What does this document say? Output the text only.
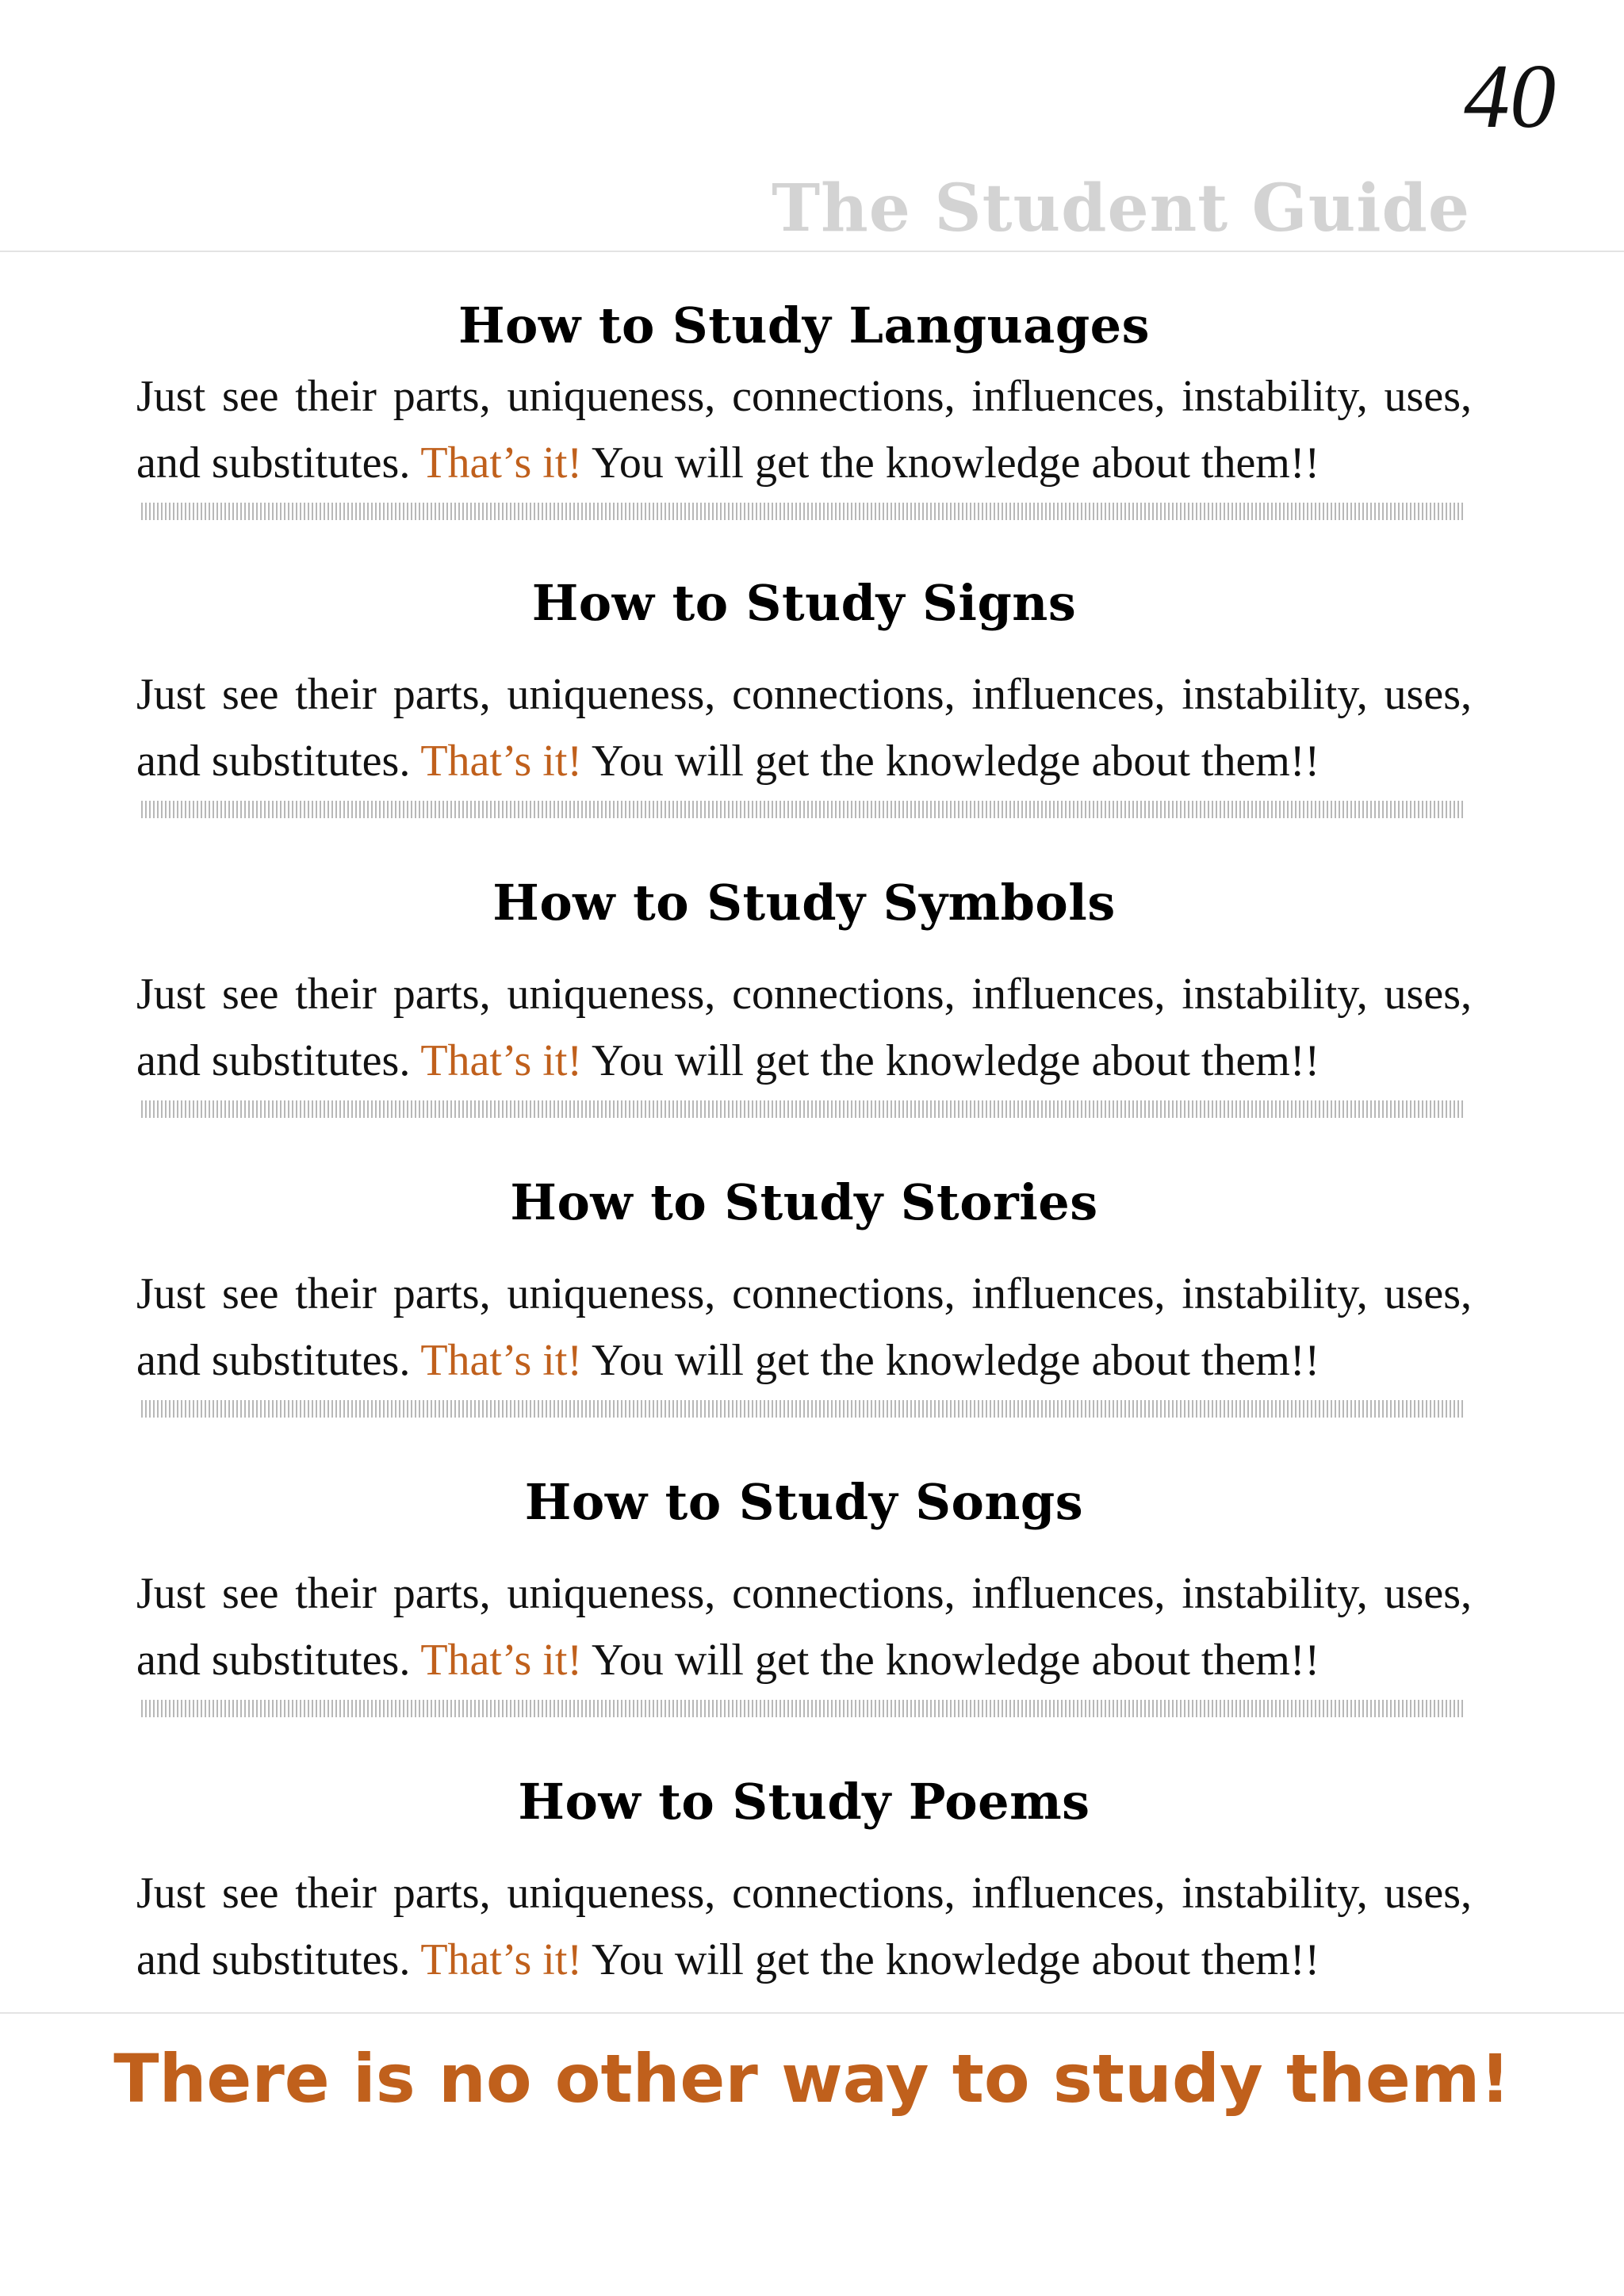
40
The Student Guide
How to Study Languages

Just see their parts, uniqueness, connections, influences, instability, uses, and substitutes. That’s it! You will get the knowledge about them!!

How to Study Signs

Just see their parts, uniqueness, connections, influences, instability, uses, and substitutes. That’s it! You will get the knowledge about them!!

How to Study Symbols

Just see their parts, uniqueness, connections, influences, instability, uses, and substitutes. That’s it! You will get the knowledge about them!!

How to Study Stories

Just see their parts, uniqueness, connections, influences, instability, uses, and substitutes. That’s it! You will get the knowledge about them!!

How to Study Songs

Just see their parts, uniqueness, connections, influences, instability, uses, and substitutes. That’s it! You will get the knowledge about them!!

How to Study Poems

Just see their parts, uniqueness, connections, influences, instability, uses, and substitutes. That’s it! You will get the knowledge about them!!

There is no other way to study them!
